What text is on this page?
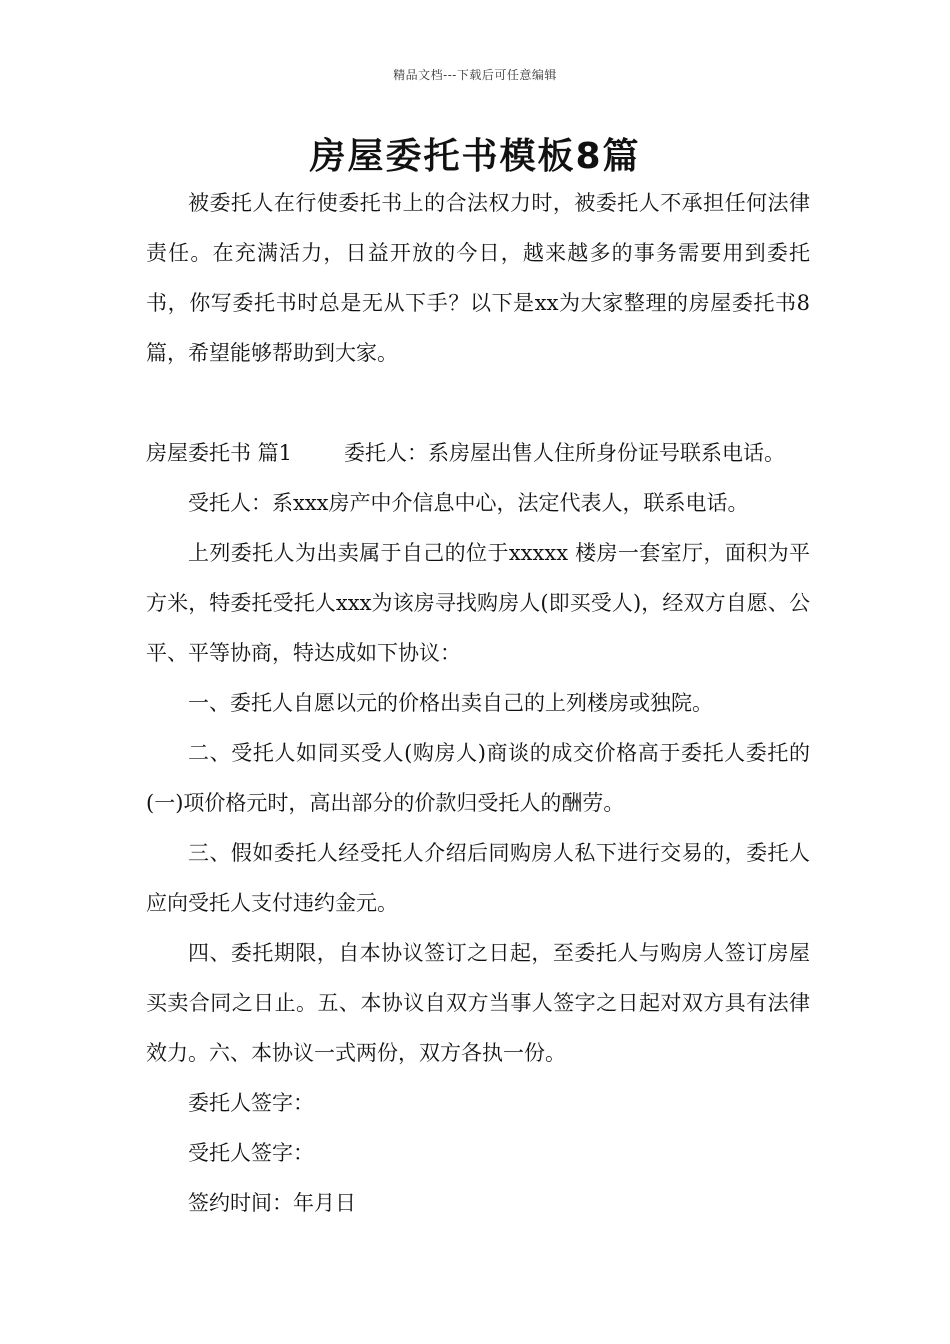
精品文档---下载后可任意编辑
房屋委托书模板8篇

被委托人在行使委托书上的合法权力时，被委托人不承担任何法律责任。在充满活力，日益开放的今日，越来越多的事务需要用到委托书，你写委托书时总是无从下手？以下是xx为大家整理的房屋委托书8篇，希望能够帮助到大家。

房屋委托书 篇1 委托人：系房屋出售人住所身份证号联系电话。

受托人：系xxx房产中介信息中心，法定代表人，联系电话。

上列委托人为出卖属于自己的位于xxxxx 楼房一套室厅，面积为平方米，特委托受托人xxx为该房寻找购房人(即买受人)，经双方自愿、公平、平等协商，特达成如下协议：

一、委托人自愿以元的价格出卖自己的上列楼房或独院。

二、受托人如同买受人(购房人)商谈的成交价格高于委托人委托的(一)项价格元时，高出部分的价款归受托人的酬劳。

三、假如委托人经受托人介绍后同购房人私下进行交易的，委托人应向受托人支付违约金元。

四、委托期限，自本协议签订之日起，至委托人与购房人签订房屋买卖合同之日止。五、本协议自双方当事人签字之日起对双方具有法律效力。六、本协议一式两份，双方各执一份。

委托人签字：

受托人签字：

签约时间：年月日
